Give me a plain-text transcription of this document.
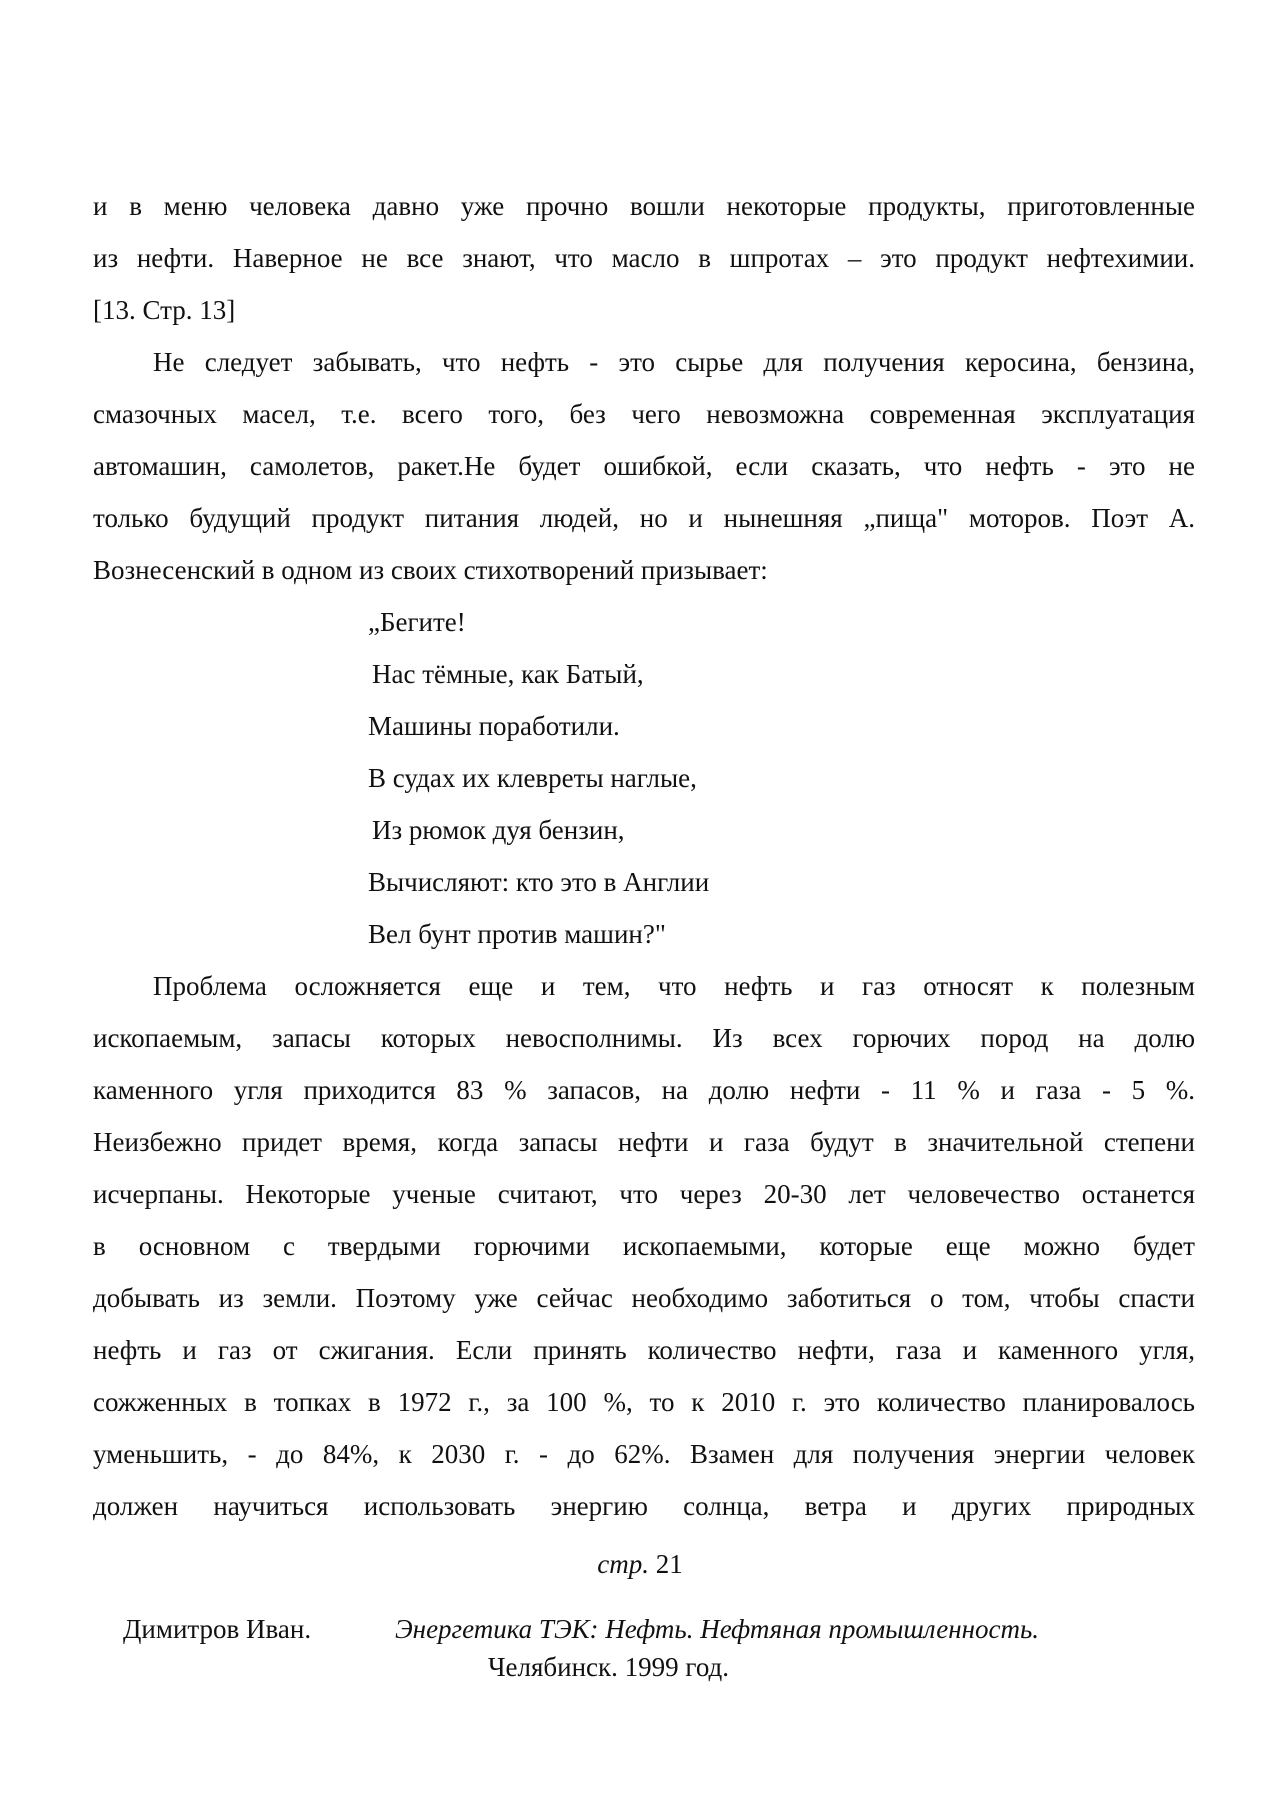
и в меню человека давно уже прочно вошли некоторые продукты, приготовленные
из нефти. Наверное не все знают, что масло в шпротах – это продукт нефтехимии.
[13. Стр. 13]
Не следует забывать, что нефть - это сырье для получения керосина, бензина,
смазочных масел, т.е. всего того, без чего невозможна современная эксплуатация
автомашин, самолетов, ракет.Не будет ошибкой, если сказать, что нефть - это не
только будущий продукт питания людей, но и нынешняя „пища" моторов. Поэт А.
Вознесенский в одном из своих стихотворений призывает:
„Бегите!
Нас тёмные, как Батый,
Машины поработили.
В судах их клевреты наглые,
Из рюмок дуя бензин,
Вычисляют: кто это в Англии
Вел бунт против машин?"
Проблема осложняется еще и тем, что нефть и газ относят к полезным
ископаемым, запасы которых невосполнимы. Из всех горючих пород на долю
каменного угля приходится 83 % запасов, на долю нефти - 11 % и газа - 5 %.
Неизбежно придет время, когда запасы нефти и газа будут в значительной степени
исчерпаны. Некоторые ученые считают, что через 20-30 лет человечество останется
в основном с твердыми горючими ископаемыми, которые еще можно будет
добывать из земли. Поэтому уже сейчас необходимо заботиться о том, чтобы спасти
нефть и газ от сжигания. Если принять количество нефти, газа и каменного угля,
сожженных в топках в 1972 г., за 100 %, то к 2010 г. это количество планировалось
уменьшить, - до 84%, к 2030 г. - до 62%. Взамен для получения энергии человек
должен научиться использовать энергию солнца, ветра и других природных
стр. 21
Димитров Иван.	Энергетика ТЭК: Нефть. Нефтяная промышленность.
Челябинск. 1999 год.
